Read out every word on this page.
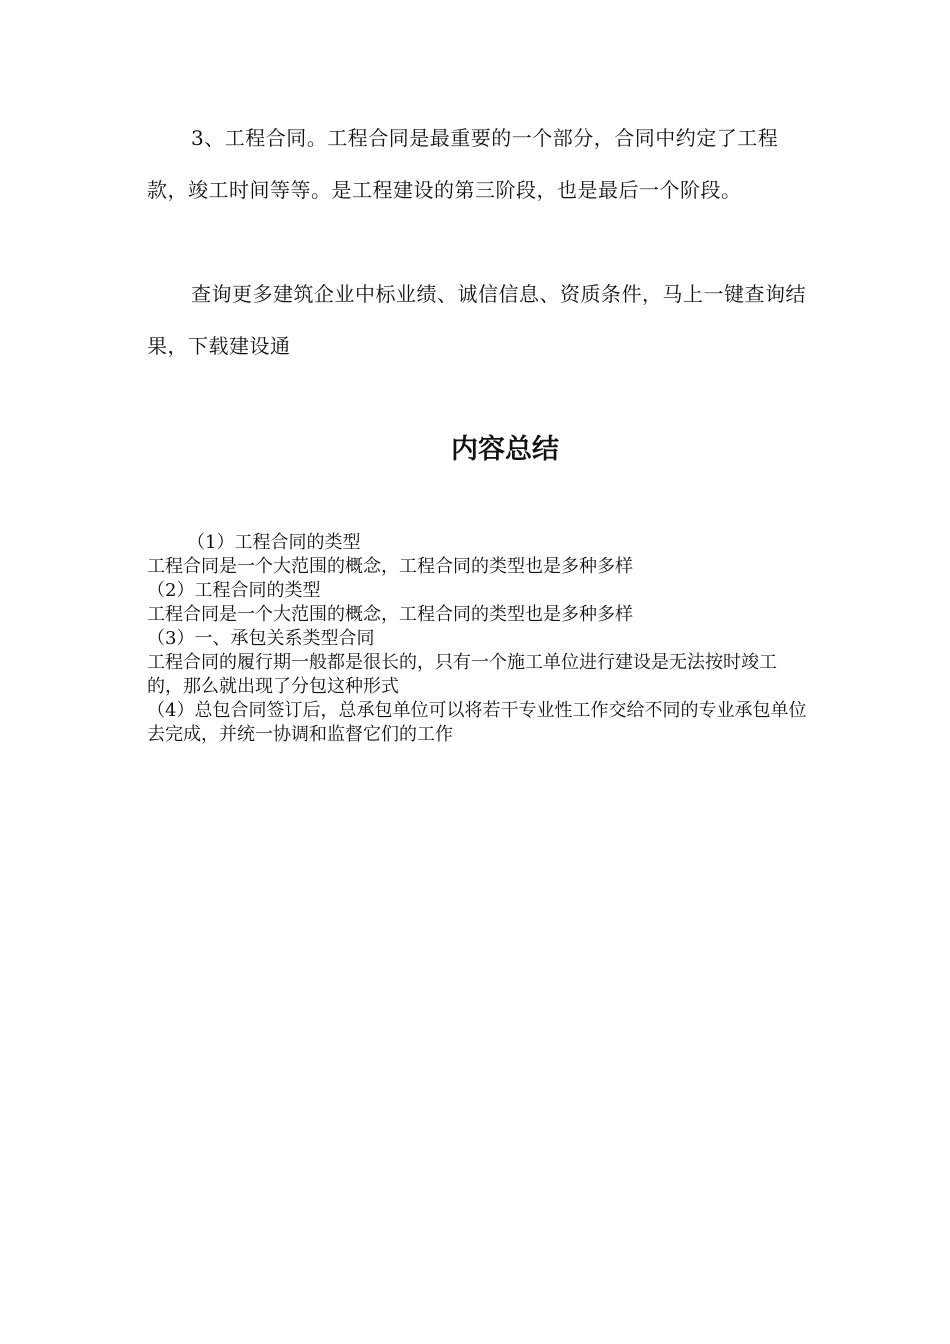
3、工程合同。工程合同是最重要的一个部分，合同中约定了工程款，竣工时间等等。是工程建设的第三阶段，也是最后一个阶段。

查询更多建筑企业中标业绩、诚信信息、资质条件，马上一键查询结果，下载建设通

内容总结
（1）工程合同的类型
工程合同是一个大范围的概念，工程合同的类型也是多种多样
（2）工程合同的类型
工程合同是一个大范围的概念，工程合同的类型也是多种多样
（3）一、承包关系类型合同
工程合同的履行期一般都是很长的，只有一个施工单位进行建设是无法按时竣工的，那么就出现了分包这种形式
（4）总包合同签订后，总承包单位可以将若干专业性工作交给不同的专业承包单位去完成，并统一协调和监督它们的工作
